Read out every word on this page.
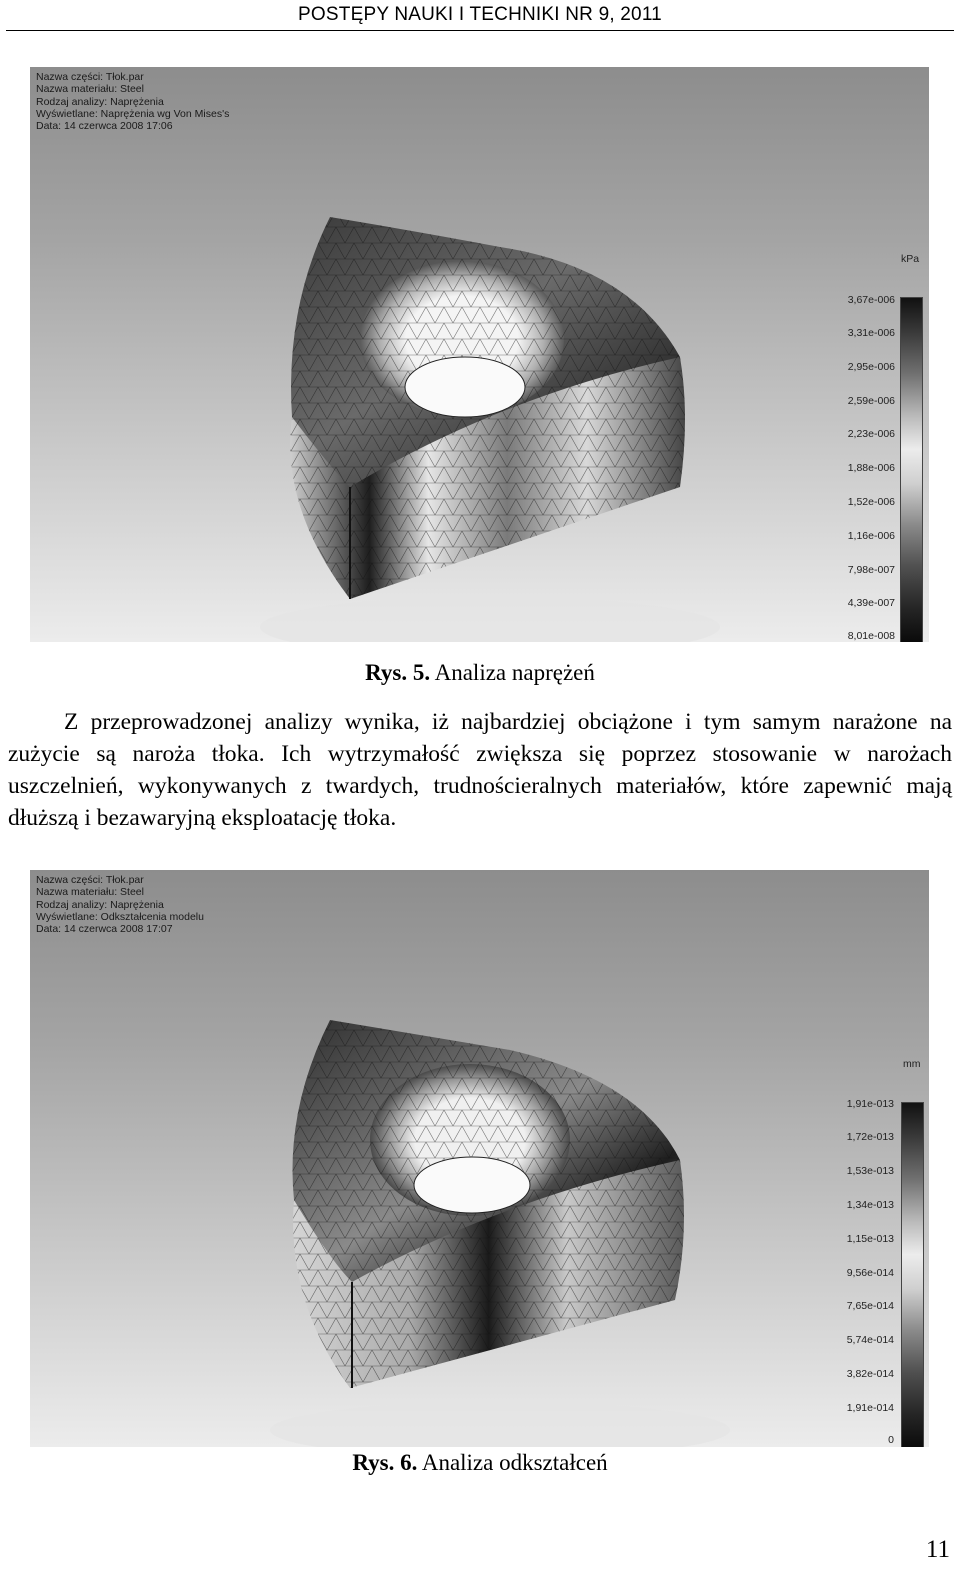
POSTĘPY NAUKI I TECHNIKI NR 9, 2011
Nazwa części: Tłok.par
Nazwa materiału: Steel
Rodzaj analizy: Naprężenia
Wyświetlane: Naprężenia wg Von Mises's
Data: 14 czerwca 2008 17:06
kPa
3,67e-006
3,31e-006
2,95e-006
2,59e-006
2,23e-006
1,88e-006
1,52e-006
1,16e-006
7,98e-007
4,39e-007
8,01e-008
Rys. 5. Analiza naprężeń

Z przeprowadzonej analizy wynika, iż najbardziej obciążone i tym samym narażone na zużycie są naroża tłoka. Ich wytrzymałość zwiększa się poprzez stosowanie w narożach uszczelnień, wykonywanych z twardych, trudnościeralnych materiałów, które zapewnić mają dłuższą i bezawaryjną eksploatację tłoka.

Nazwa części: Tłok.par
Nazwa materiału: Steel
Rodzaj analizy: Naprężenia
Wyświetlane: Odkształcenia modelu
Data: 14 czerwca 2008 17:07
mm
1,91e-013
1,72e-013
1,53e-013
1,34e-013
1,15e-013
9,56e-014
7,65e-014
5,74e-014
3,82e-014
1,91e-014
0
Rys. 6. Analiza odkształceń
11
